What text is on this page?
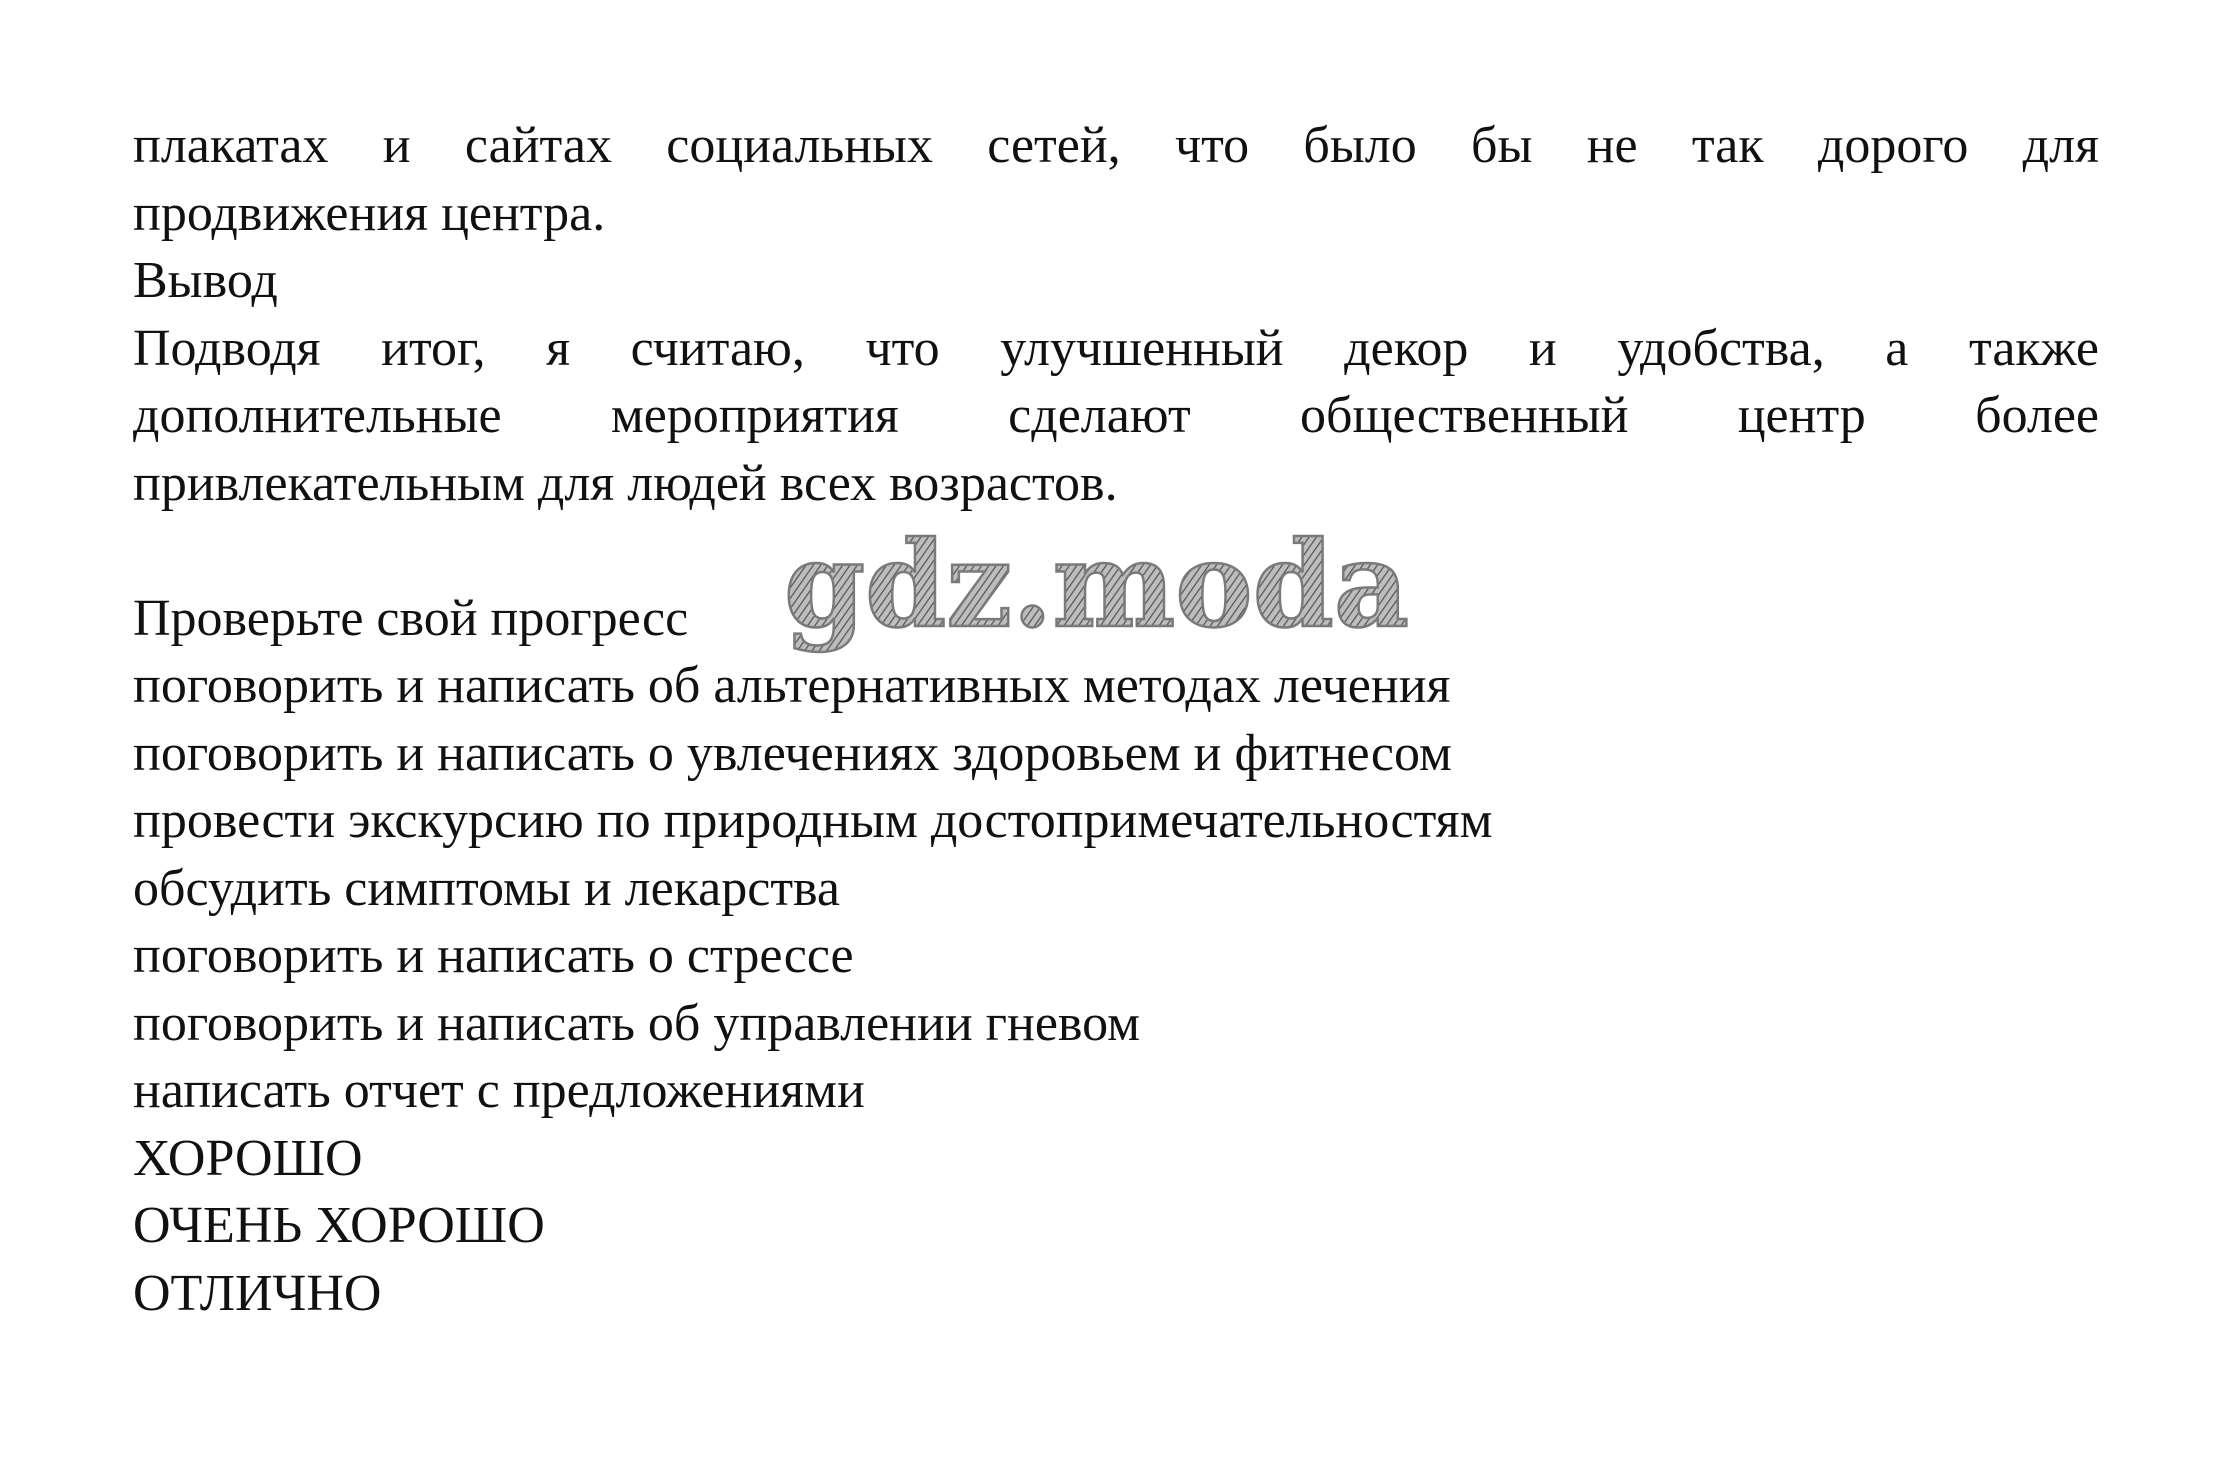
плакатах и сайтах социальных сетей, что было бы не так дорого для
продвижения центра.
Вывод
Подводя итог, я считаю, что улучшенный декор и удобства, а также
дополнительные мероприятия сделают общественный центр более
привлекательным для людей всех возрастов.
Проверьте свой прогресс
поговорить и написать об альтернативных методах лечения
поговорить и написать о увлечениях здоровьем и фитнесом
провести экскурсию по природным достопримечательностям
обсудить симптомы и лекарства
поговорить и написать о стрессе
поговорить и написать об управлении гневом
написать отчет с предложениями
ХОРОШО
ОЧЕНЬ ХОРОШО
ОТЛИЧНО
gdz.moda
